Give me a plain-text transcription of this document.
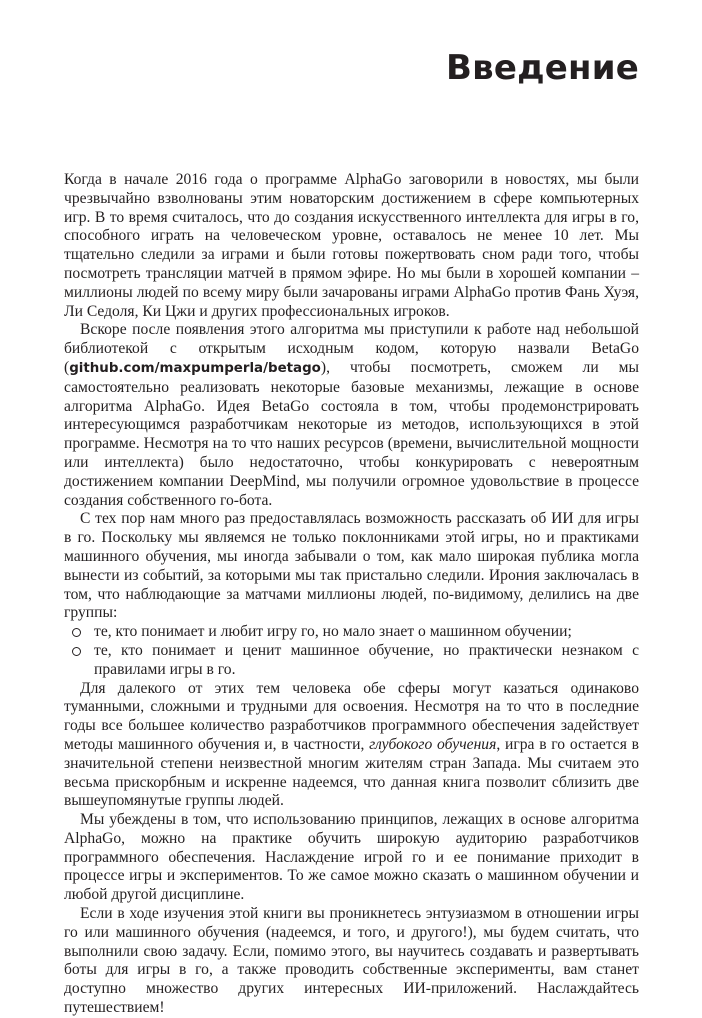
Введение

Когда в начале 2016 года о программе AlphaGo заговорили в новостях, мы были чрезвычайно взволнованы этим новаторским достижением в сфере компьютерных игр. В то время считалось, что до создания искусственного интеллекта для игры в го, способного играть на человеческом уровне, оставалось не менее 10 лет. Мы тщательно следили за играми и были готовы пожертвовать сном ради того, чтобы посмотреть трансляции матчей в прямом эфире. Но мы были в хорошей компании – миллионы людей по всему миру были зачарованы играми AlphaGo против Фань Хуэя, Ли Седоля, Ки Цжи и других профессиональных игроков.

Вскоре после появления этого алгоритма мы приступили к работе над небольшой библиотекой с открытым исходным кодом, которую назвали BetaGo (github.com/maxpumperla/betago), чтобы посмотреть, сможем ли мы самостоятельно реализовать некоторые базовые механизмы, лежащие в основе алгоритма AlphaGo. Идея BetaGo состояла в том, чтобы продемонстрировать интересующимся разработчикам некоторые из методов, использующихся в этой программе. Несмотря на то что наших ресурсов (времени, вычислительной мощности или интеллекта) было недостаточно, чтобы конкурировать с невероятным достижением компании DeepMind, мы получили огромное удовольствие в процессе создания собственного го-бота.

С тех пор нам много раз предоставлялась возможность рассказать об ИИ для игры в го. Поскольку мы являемся не только поклонниками этой игры, но и практиками машинного обучения, мы иногда забывали о том, как мало широкая публика могла вынести из событий, за которыми мы так пристально следили. Ирония заключалась в том, что наблюдающие за матчами миллионы людей, по-видимому, делились на две группы:

те, кто понимает и любит игру го, но мало знает о машинном обучении;
те, кто понимает и ценит машинное обучение, но практически незнаком с правилами игры в го.

Для далекого от этих тем человека обе сферы могут казаться одинаково туманными, сложными и трудными для освоения. Несмотря на то что в последние годы все большее количество разработчиков программного обеспечения задействует методы машинного обучения и, в частности, глубокого обучения, игра в го остается в значительной степени неизвестной многим жителям стран Запада. Мы считаем это весьма прискорбным и искренне надеемся, что данная книга позволит сблизить две вышеупомянутые группы людей.

Мы убеждены в том, что использованию принципов, лежащих в основе алгоритма AlphaGo, можно на практике обучить широкую аудиторию разработчиков программного обеспечения. Наслаждение игрой го и ее понимание приходит в процессе игры и экспериментов. То же самое можно сказать о машинном обучении и любой другой дисциплине.

Если в ходе изучения этой книги вы проникнетесь энтузиазмом в отношении игры го или машинного обучения (надеемся, и того, и другого!), мы будем считать, что выполнили свою задачу. Если, помимо этого, вы научитесь создавать и развертывать боты для игры в го, а также проводить собственные эксперименты, вам станет доступно множество других интересных ИИ-приложений. Наслаждайтесь путешествием!
